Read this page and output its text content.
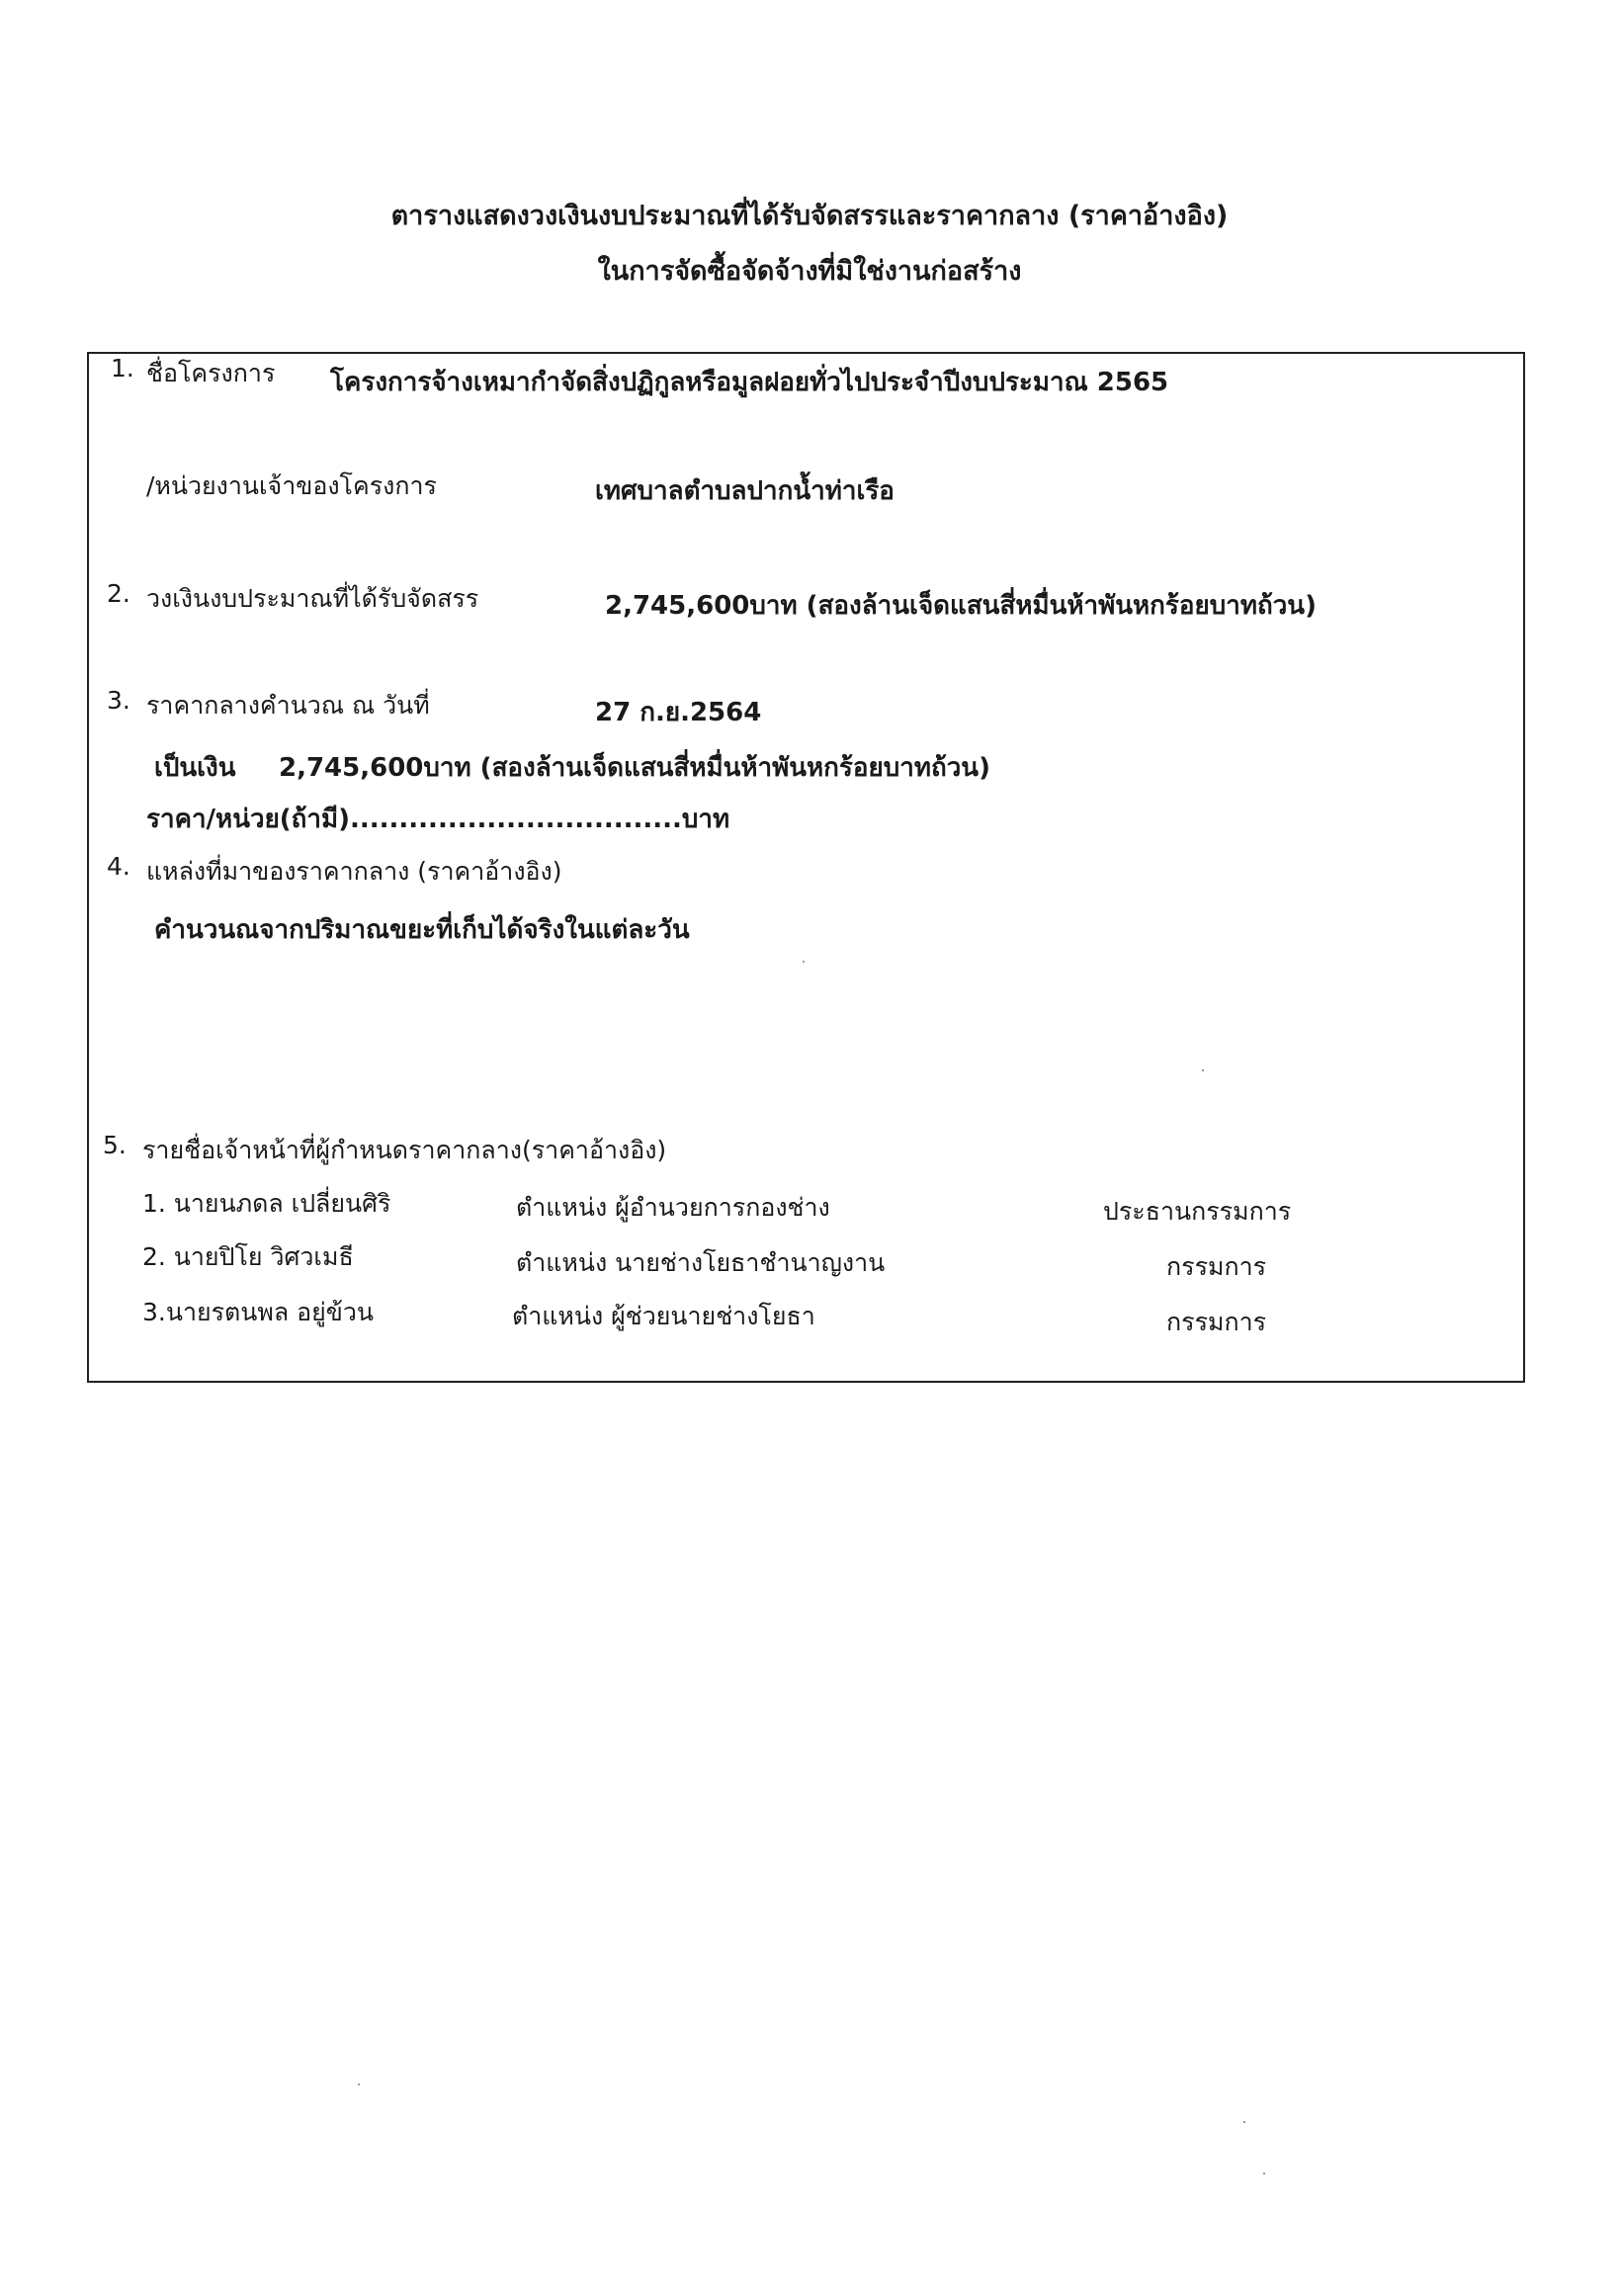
ตารางแสดงวงเงินงบประมาณที่ได้รับจัดสรรและราคากลาง (ราคาอ้างอิง)
ในการจัดซื้อจัดจ้างที่มิใช่งานก่อสร้าง
1. ชื่อโครงการ โครงการจ้างเหมากำจัดสิ่งปฏิกูลหรือมูลฝอยทั่วไปประจำปีงบประมาณ 2565
/หน่วยงานเจ้าของโครงการ	เทศบาลตำบลปากน้ำท่าเรือ
2. วงเงินงบประมาณที่ได้รับจัดสรร	2,745,600บาท (สองล้านเจ็ดแสนสี่หมื่นห้าพันหกร้อยบาทถ้วน)
3. ราคากลางคำนวณ ณ วันที่	27 ก.ย.2564
เป็นเงิน 2,745,600บาท (สองล้านเจ็ดแสนสี่หมื่นห้าพันหกร้อยบาทถ้วน)
ราคา/หน่วย(ถ้ามี)..................................บาท
4. แหล่งที่มาของราคากลาง (ราคาอ้างอิง)
คำนวนณจากปริมาณขยะที่เก็บได้จริงในแต่ละวัน
5. รายชื่อเจ้าหน้าที่ผู้กำหนดราคากลาง(ราคาอ้างอิง)
1. นายนภดล เปลี่ยนศิริ	ตำแหน่ง ผู้อำนวยการกองช่าง	ประธานกรรมการ
2. นายปิโย วิศวเมธี	ตำแหน่ง นายช่างโยธาชำนาญงาน	กรรมการ
3.นายรตนพล อยู่ข้วน	ตำแหน่ง ผู้ช่วยนายช่างโยธา	กรรมการ
